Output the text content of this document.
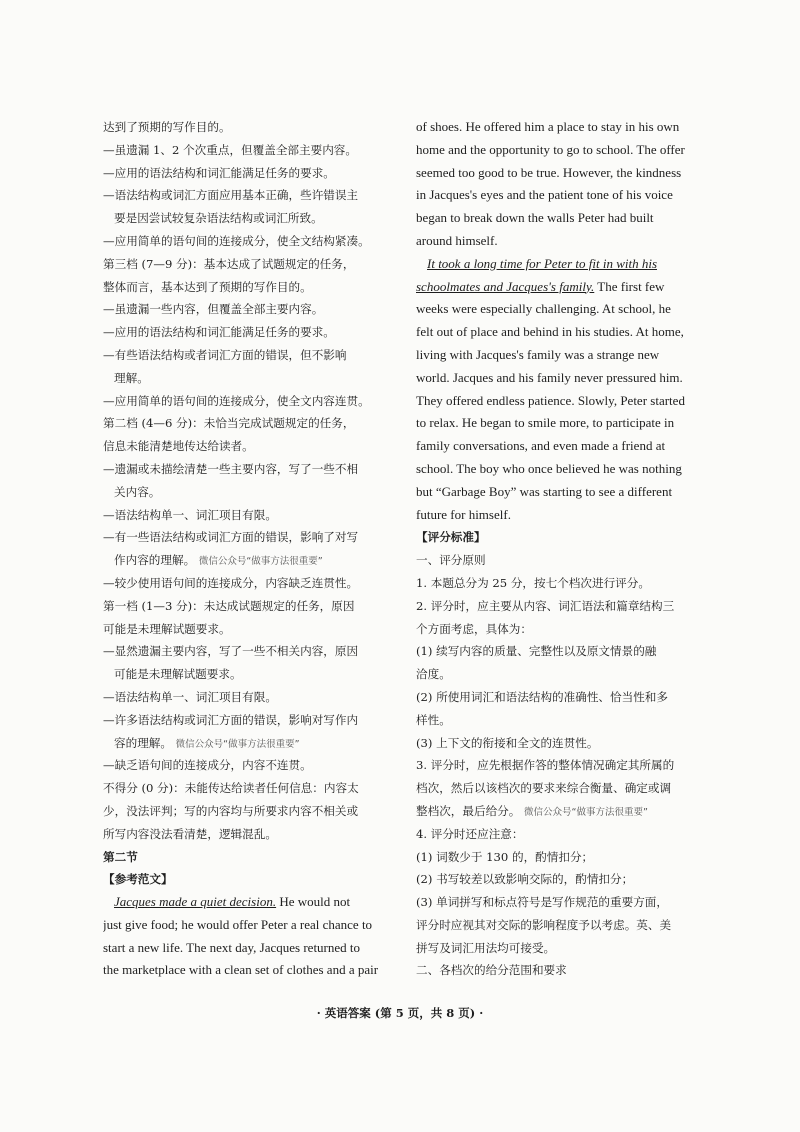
达到了预期的写作目的。
—虽遗漏 1、2 个次重点，但覆盖全部主要内容。
—应用的语法结构和词汇能满足任务的要求。
—语法结构或词汇方面应用基本正确，些许错误主
要是因尝试较复杂语法结构或词汇所致。
—应用简单的语句间的连接成分，使全文结构紧凑。
第三档 (7—9 分)：基本达成了试题规定的任务，
整体而言，基本达到了预期的写作目的。
—虽遗漏一些内容，但覆盖全部主要内容。
—应用的语法结构和词汇能满足任务的要求。
—有些语法结构或者词汇方面的错误，但不影响
理解。
—应用简单的语句间的连接成分，使全文内容连贯。
第二档 (4—6 分)：未恰当完成试题规定的任务，
信息未能清楚地传达给读者。
—遗漏或未描绘清楚一些主要内容，写了一些不相
关内容。
—语法结构单一、词汇项目有限。
—有一些语法结构或词汇方面的错误，影响了对写
作内容的理解。 微信公众号“做事方法很重要”
—较少使用语句间的连接成分，内容缺乏连贯性。
第一档 (1—3 分)：未达成试题规定的任务，原因
可能是未理解试题要求。
—显然遗漏主要内容，写了一些不相关内容，原因
可能是未理解试题要求。
—语法结构单一、词汇项目有限。
—许多语法结构或词汇方面的错误，影响对写作内
容的理解。 微信公众号“做事方法很重要”
—缺乏语句间的连接成分，内容不连贯。
不得分 (0 分)：未能传达给读者任何信息：内容太
少，没法评判；写的内容均与所要求内容不相关或
所写内容没法看清楚，逻辑混乱。
第二节
【参考范文】
Jacques made a quiet decision. He would not
just give food; he would offer Peter a real chance to
start a new life. The next day, Jacques returned to
the marketplace with a clean set of clothes and a pair
of shoes. He offered him a place to stay in his own
home and the opportunity to go to school. The offer
seemed too good to be true. However, the kindness
in Jacques's eyes and the patient tone of his voice
began to break down the walls Peter had built
around himself.
It took a long time for Peter to fit in with his
schoolmates and Jacques's family. The first few
weeks were especially challenging. At school, he
felt out of place and behind in his studies. At home,
living with Jacques's family was a strange new
world. Jacques and his family never pressured him.
They offered endless patience. Slowly, Peter started
to relax. He began to smile more, to participate in
family conversations, and even made a friend at
school. The boy who once believed he was nothing
but “Garbage Boy” was starting to see a different
future for himself.
【评分标准】
一、评分原则
1. 本题总分为 25 分，按七个档次进行评分。
2. 评分时，应主要从内容、词汇语法和篇章结构三
个方面考虑，具体为：
(1) 续写内容的质量、完整性以及原文情景的融
洽度。
(2) 所使用词汇和语法结构的准确性、恰当性和多
样性。
(3) 上下文的衔接和全文的连贯性。
3. 评分时，应先根据作答的整体情况确定其所属的
档次，然后以该档次的要求来综合衡量、确定或调
整档次，最后给分。 微信公众号“做事方法很重要”
4. 评分时还应注意：
(1) 词数少于 130 的，酌情扣分；
(2) 书写较差以致影响交际的，酌情扣分；
(3) 单词拼写和标点符号是写作规范的重要方面，
评分时应视其对交际的影响程度予以考虑。英、美
拼写及词汇用法均可接受。
二、各档次的给分范围和要求
· 英语答案 (第 5 页，共 8 页) ·
